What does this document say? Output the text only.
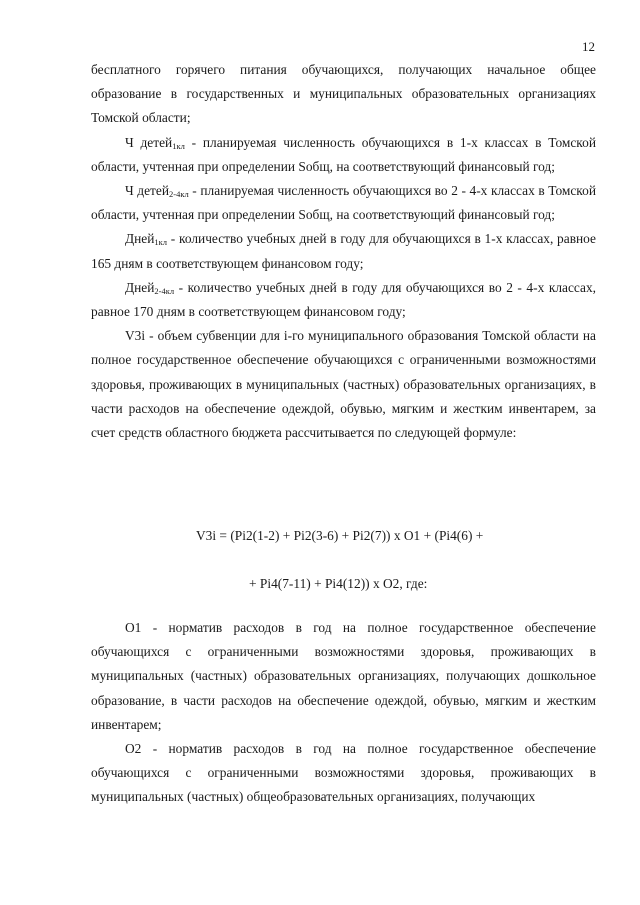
12

бесплатного горячего питания обучающихся, получающих начальное общее образование в государственных и муниципальных образовательных организациях Томской области;

Ч детей$_{1кл}$ - планируемая численность обучающихся в 1-х классах в Томской области, учтенная при определении Sобщ, на соответствующий финансовый год;

Ч детей$_{2-4кл}$ - планируемая численность обучающихся во 2 - 4-х классах в Томской области, учтенная при определении Sобщ, на соответствующий финансовый год;

Дней$_{1кл}$ - количество учебных дней в году для обучающихся в 1-х классах, равное 165 дням в соответствующем финансовом году;

Дней$_{2-4кл}$ - количество учебных дней в году для обучающихся во 2 - 4-х классах, равное 170 дням в соответствующем финансовом году;

V3i - объем субвенции для i-го муниципального образования Томской области на полное государственное обеспечение обучающихся с ограниченными возможностями здоровья, проживающих в муниципальных (частных) образовательных организациях, в части расходов на обеспечение одеждой, обувью, мягким и жестким инвентарем, за счет средств областного бюджета рассчитывается по следующей формуле:

V3i = (Pi2(1-2) + Pi2(3-6) + Pi2(7)) x O1 + (Pi4(6) +
+ Pi4(7-11) + Pi4(12)) x O2, где:

O1 - норматив расходов в год на полное государственное обеспечение обучающихся с ограниченными возможностями здоровья, проживающих в муниципальных (частных) образовательных организациях, получающих дошкольное образование, в части расходов на обеспечение одеждой, обувью, мягким и жестким инвентарем;

O2 - норматив расходов в год на полное государственное обеспечение обучающихся с ограниченными возможностями здоровья, проживающих в муниципальных (частных) общеобразовательных организациях, получающих
